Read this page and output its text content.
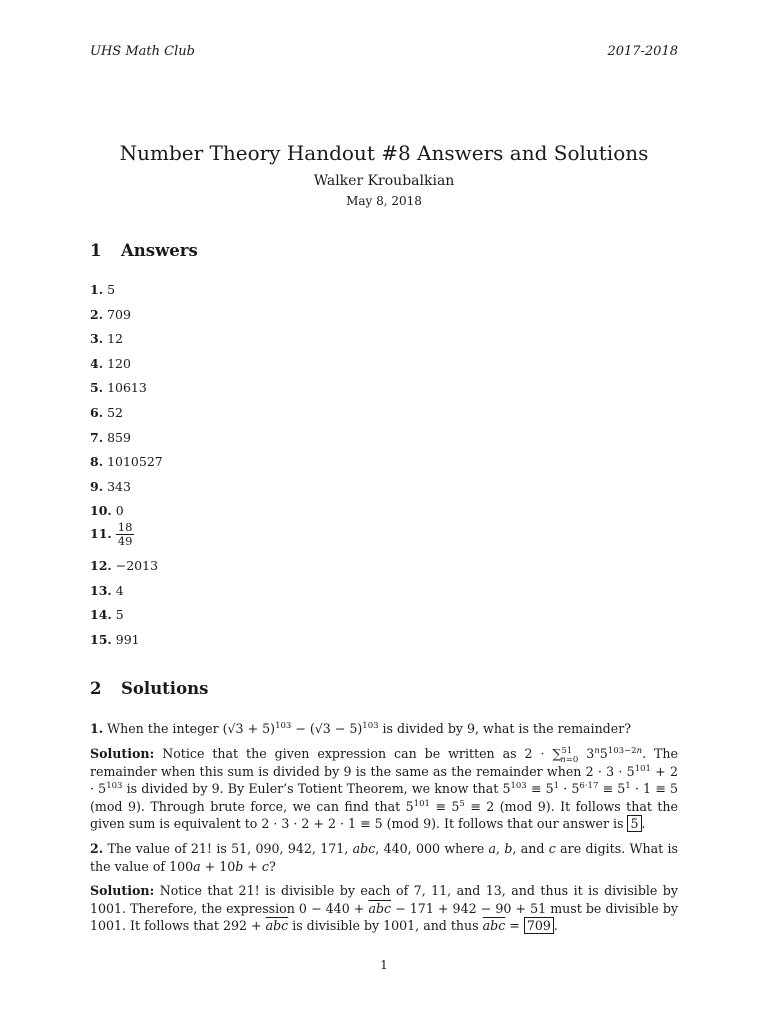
UHS Math Club	2017-2018
Number Theory Handout #8 Answers and Solutions
Walker Kroubalkian
May 8, 2018
1 Answers
1. 5
2. 709
3. 12
4. 120
5. 10613
6. 52
7. 859
8. 1010527
9. 343
10. 0
11. $\frac{18}{49}$
12. −2013
13. 4
14. 5
15. 991
2 Solutions
1. When the integer $(√3 + 5)^{103} - (√3 - 5)^{103}$ is divided by 9, what is the remainder?
Solution: Notice that the given expression can be written as 2 · ∑$^{51}_{n=0}$ $3^n5^{103-2n}$. The remainder when this sum is divided by 9 is the same as the remainder when $2 \cdot 3 \cdot 5^{101} + 2 \cdot 5^{103}$ is divided by 9. By Euler’s Totient Theorem, we know that $5^{103} \equiv 5^1 \cdot 5^{6\cdot 17} \equiv 5^1 \cdot 1 \equiv 5$ (mod 9). Through brute force, we can find that $5^{101} \equiv 5^5 \equiv 2$ (mod 9). It follows that the given sum is equivalent to 2 · 3 · 2 + 2 · 1 ≡ 5 (mod 9). It follows that our answer is 5 .
2. The value of 21! is 51, 090, 942, 171, abc, 440, 000 where a, b, and c are digits. What is the value of 100a + 10b + c?
Solution: Notice that 21! is divisible by each of 7, 11, and 13, and thus it is divisible by 1001. Therefore, the expression $0 - 440 + \overline{abc} - 171 + 942 - 90 + 51$ must be divisible by 1001. It follows that $292 + \overline{abc}$ is divisible by 1001, and thus $\overline{abc} = 709$ .
1
